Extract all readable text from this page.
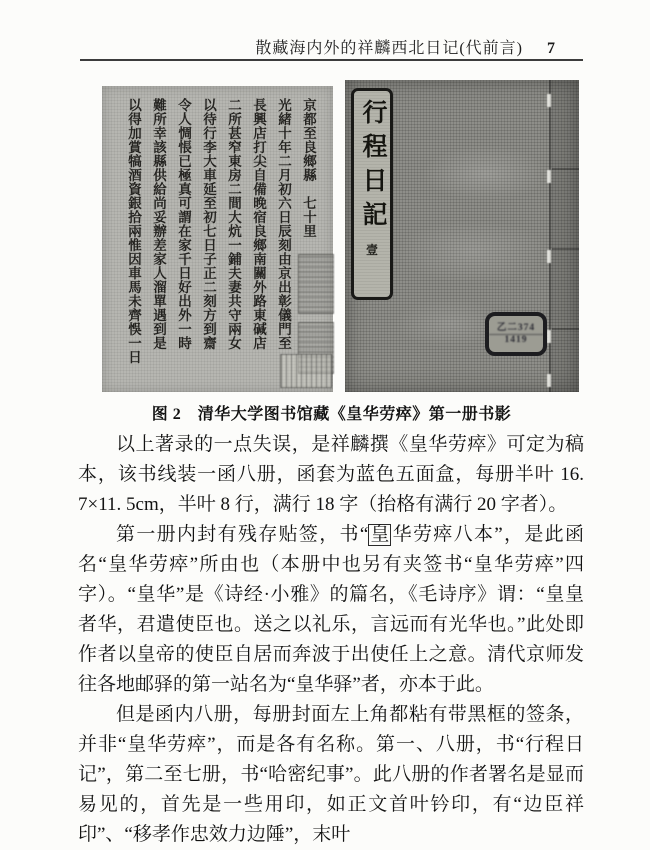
散藏海内外的祥麟西北日记(代前言) 7
京都至良鄉縣　七十里
光緒十年二月初六日辰刻由京出彰儀門至
長興店打尖自備晚宿良鄉南關外路東碱店
二所甚窄東房二間大炕一鋪夫妻共守兩女
以待行李大車延至初七日子正二刻方到齋
令人惆悵已極真可謂在家千日好出外一時
難所幸該縣供給尚妥辦差家人溜單遇到是
以得加賞犒酒資銀拾兩惟因車馬未齊悞一日	行程日記
壹
乙二374
1419
图 2　清华大学图书馆藏《皇华劳瘁》第一册书影

以上著录的一点失误，是祥麟撰《皇华劳瘁》可定为稿本，该书线装一函八册，函套为蓝色五面盒，每册半叶 16. 7×11. 5cm，半叶 8 行，满行 18 字（抬格有满行 20 字者）。

第一册内封有残存贴签，书“ 皇 华劳瘁八本”，是此函名“皇华劳瘁”所由也（本册中也另有夹签书“皇华劳瘁”四字）。“皇华”是《诗经·小雅》的篇名，《毛诗序》谓：“皇皇者华，君遣使臣也。送之以礼乐，言远而有光华也。”此处即作者以皇帝的使臣自居而奔波于出使任上之意。清代京师发往各地邮驿的第一站名为“皇华驿”者，亦本于此。

但是函内八册，每册封面左上角都粘有带黑框的签条，并非“皇华劳瘁”，而是各有名称。第一、八册，书“行程日记”，第二至七册，书“哈密纪事”。此八册的作者署名是显而易见的，首先是一些用印，如正文首叶钤印，有“边臣祥印”、“移孝作忠效力边陲”，末叶
